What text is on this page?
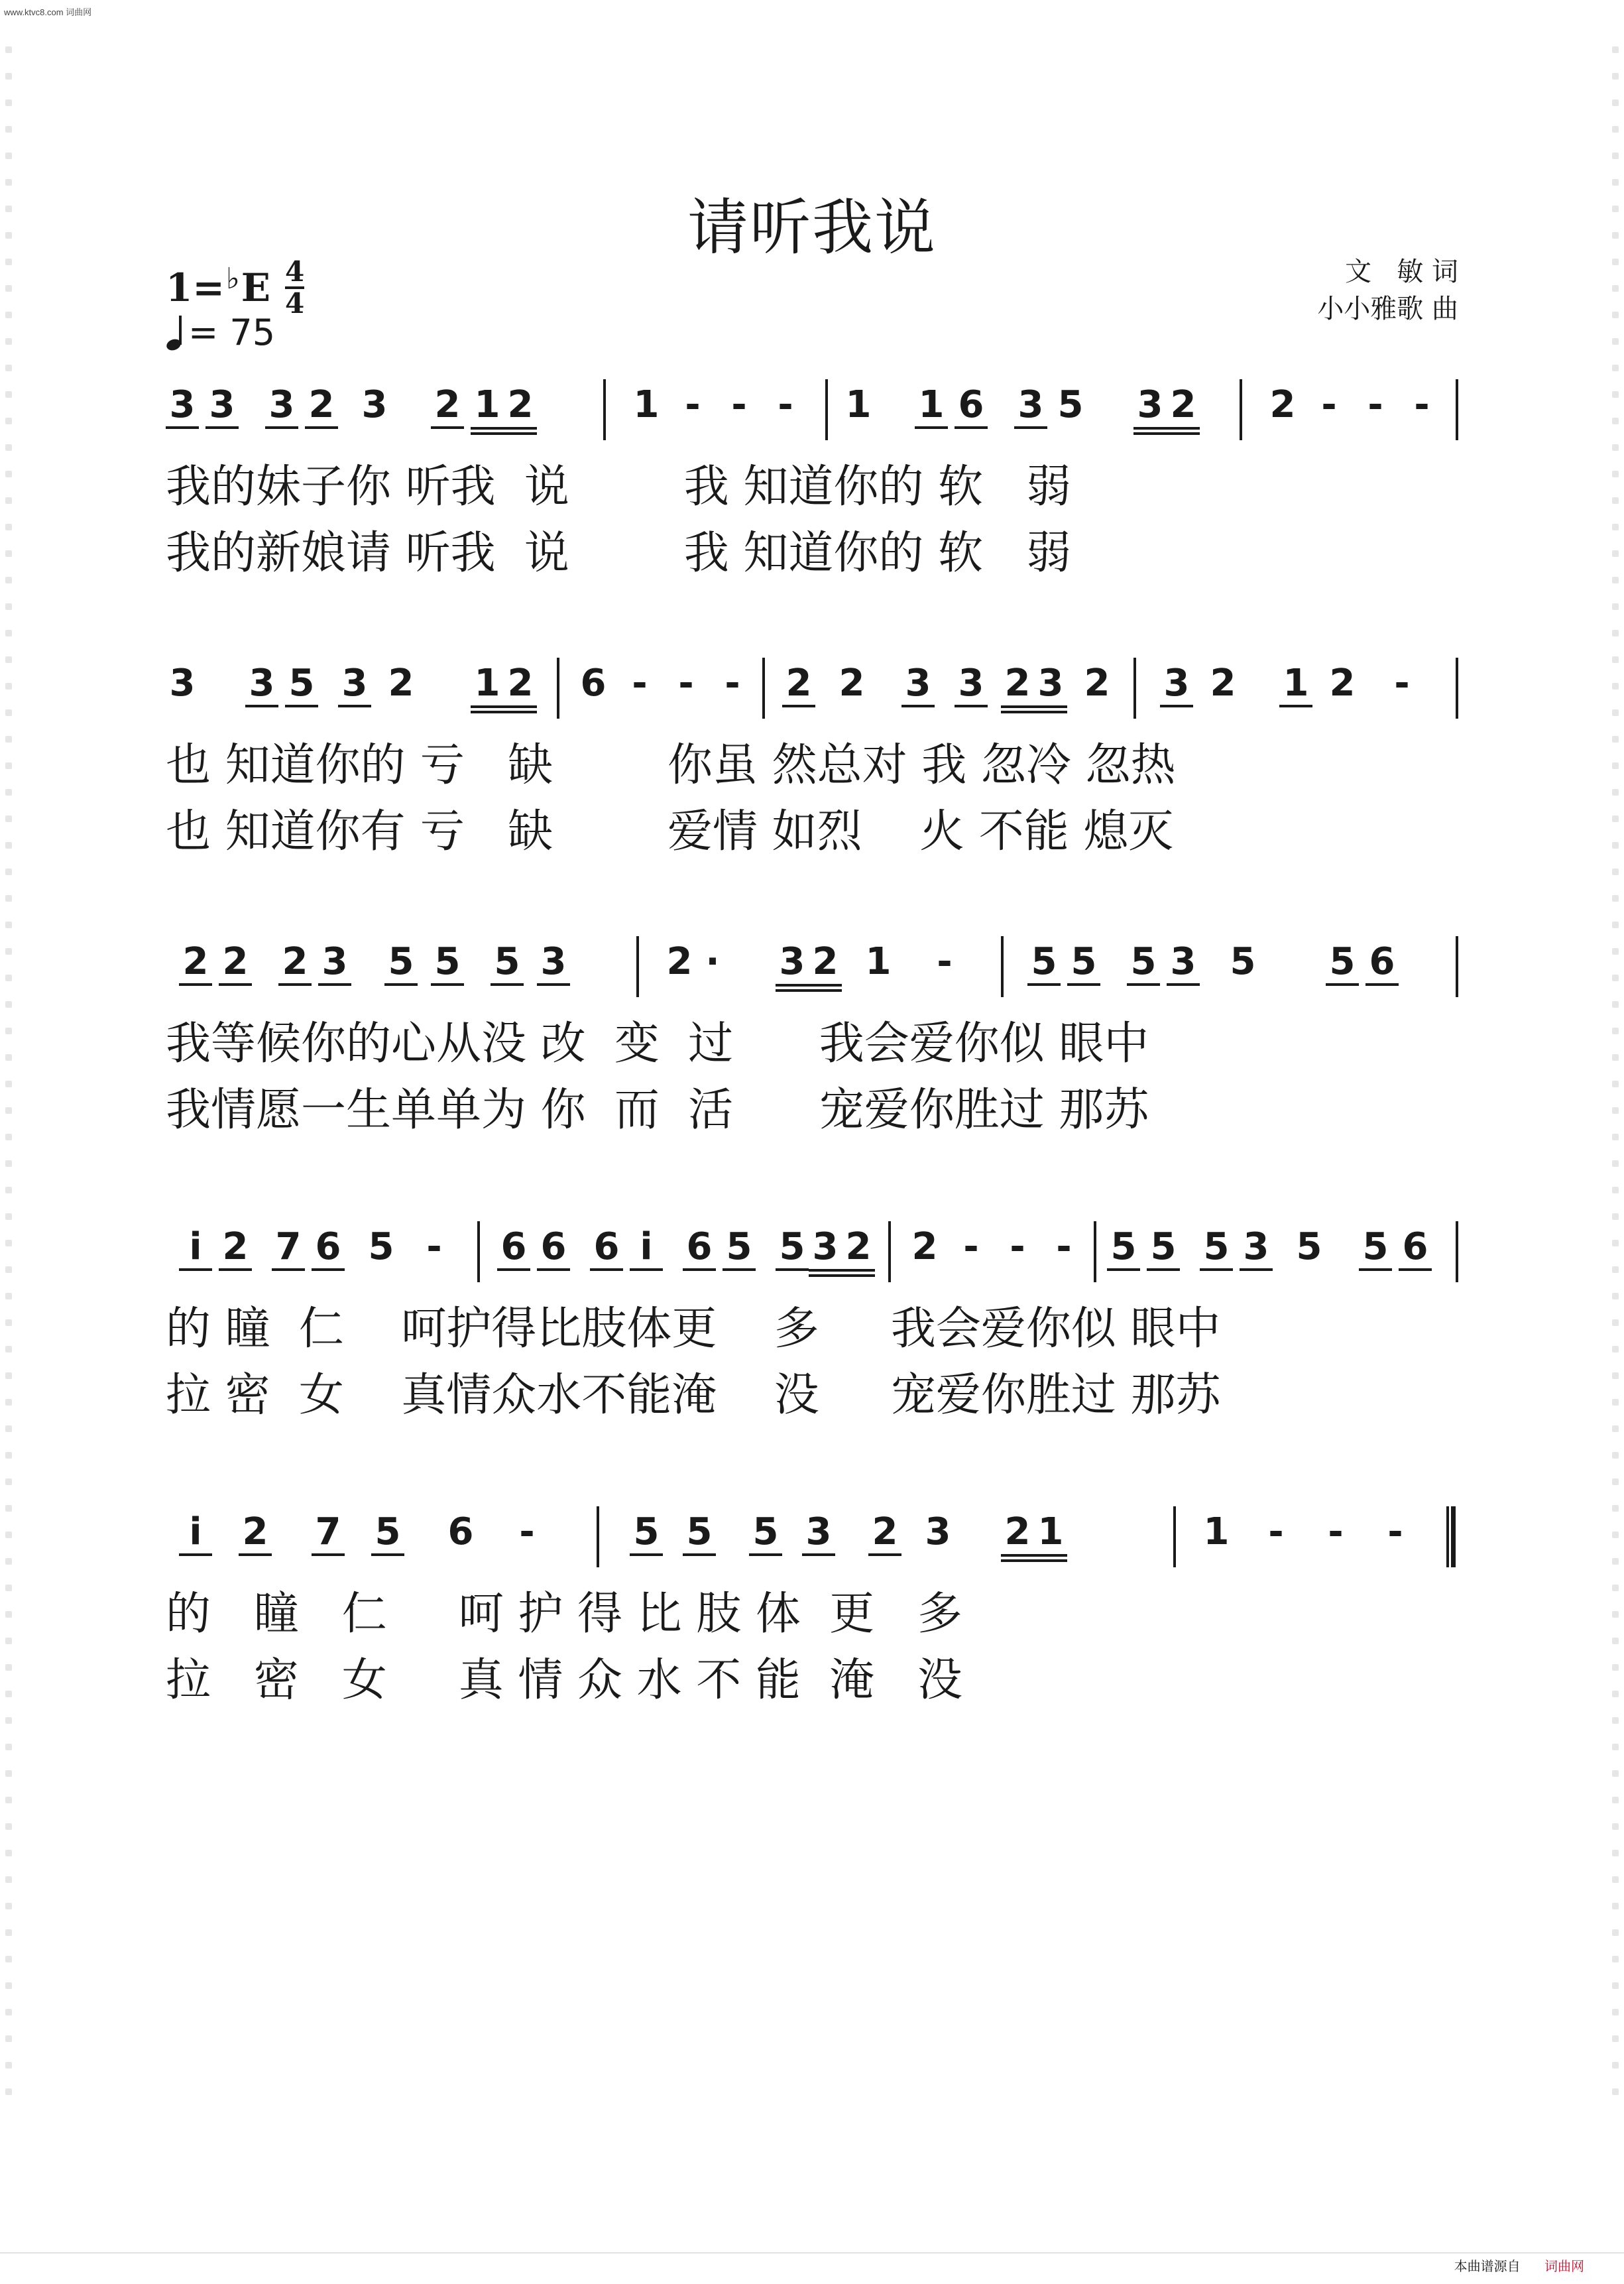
www.ktvc8.com 词曲网
请听我说
1= ♭ E $\frac{4}{4}$
= 75
文   敏 词
小小雅歌 曲
3 3 3 2 3 2 1 2	1 - - - 1 1 6 3 5 3 2 2 - - -
我的妹子你 听我  说        我 知道你的 软   弱
我的新娘请 听我  说        我 知道你的 软   弱
3 3 5 3 2 1 2 6 - - - 2 2 3 3 2 3 2 3 2 1 2 -
也 知道你的 亏   缺        你虽 然总对 我 忽冷 忽热
也 知道你有 亏   缺        爱情 如烈    火 不能 熄灭
2 2 2 3 5 5 5 3	2 · 3 2 1 - 5 5 5 3 5 5 6
我等候你的心从没 改  变  过      我会爱你似 眼中
我情愿一生单单为 你  而  活      宠爱你胜过 那苏
i 2 7 6 5 - 6 6 6 i 6 5 5 3 2 2 - - - 5 5 5 3 5 5 6
的 瞳  仁    呵护得比肢体更    多     我会爱你似 眼中
拉 密  女    真情众水不能淹    没     宠爱你胜过 那苏
i 2 7 5 6 -	5 5 5 3 2 3 2 1	1 - - -
的   瞳   仁     呵 护 得 比 肢 体  更   多
拉   密   女     真 情 众 水 不 能  淹   没
本曲谱源自 词曲网
